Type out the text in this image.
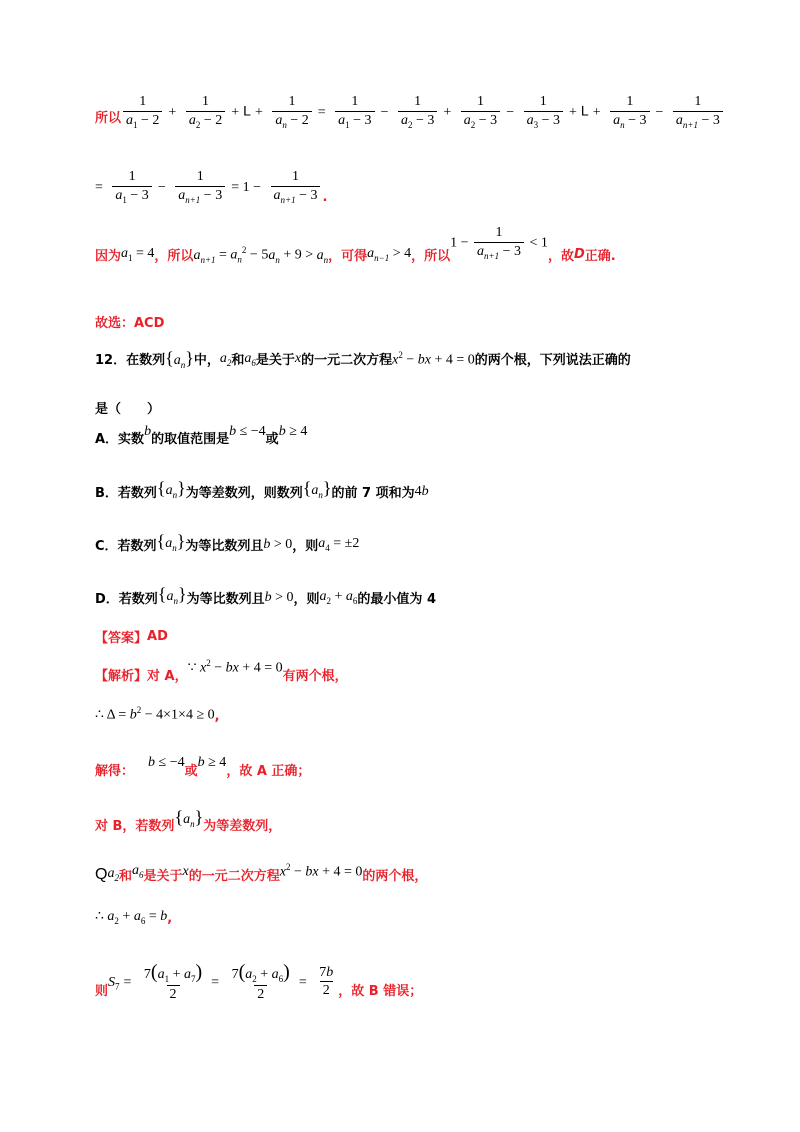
所以 $\frac{1}{a_1 - 2} + \frac{1}{a_2 - 2} + L + \frac{1}{a_n - 2} = \frac{1}{a_1 - 3} - \frac{1}{a_2 - 3} + \frac{1}{a_2 - 3} - \frac{1}{a_3 - 3} + L + \frac{1}{a_n - 3} - \frac{1}{a_{n+1} - 3}$
= $\frac{1}{a_1 - 3} - \frac{1}{a_{n+1} - 3} = 1 - \frac{1}{a_{n+1} - 3}$ .
因为 $a_1 = 4$ ，所以 $a_{n+1} = a_n^2 - 5a_n + 9 > a_n$ ，可得 $a_{n-1} > 4$ ，所以
$1 - \frac{1}{a_{n+1} - 3} < 1$
，故 D 正确.
故选：ACD
12．在数列 $\{a_n\}$ 中， $a_2$ 和 $a_6$ 是关于 x 的一元二次方程 $x^2$ − bx + 4 = 0 的两个根，下列说法正确的
是（　　）
A．实数
b
的取值范围是
b ≤ −4
或
b ≥ 4
B．若数列 $\{a_n\}$ 为等差数列，则数列 $\{a_n\}$ 的前 7 项和为 4b
C．若数列 $\{a_n\}$ 为等比数列且 b > 0 ，则 $a_4 = \pm 2$
D．若数列 $\{a_n\}$ 为等比数列且 b > 0 ，则 $a_2 + a_6$ 的最小值为 4
【答案】 AD
【解析】 对 A，
∵ $x^2$ − bx + 4 = 0
有两个根，
∴ $\Delta = b^2 - 4\times 1\times 4 \ge 0$ ,
解得：
b ≤ −4
或
b ≥ 4
，故 A 正确；
对 B，若数列 $\{a_n\}$ 为等差数列，
Q $a_2$ 和 $a_6$ 是关于 x 的一元二次方程 $x^2$ − bx + 4 = 0 的两个根，
∴ $a_2 + a_6 = b$ ,
则
$S_7 = \frac{7(a_1 + a_7)}{2} = \frac{7(a_2 + a_6)}{2} = \frac{7b}{2}$ ，故 B 错误；
